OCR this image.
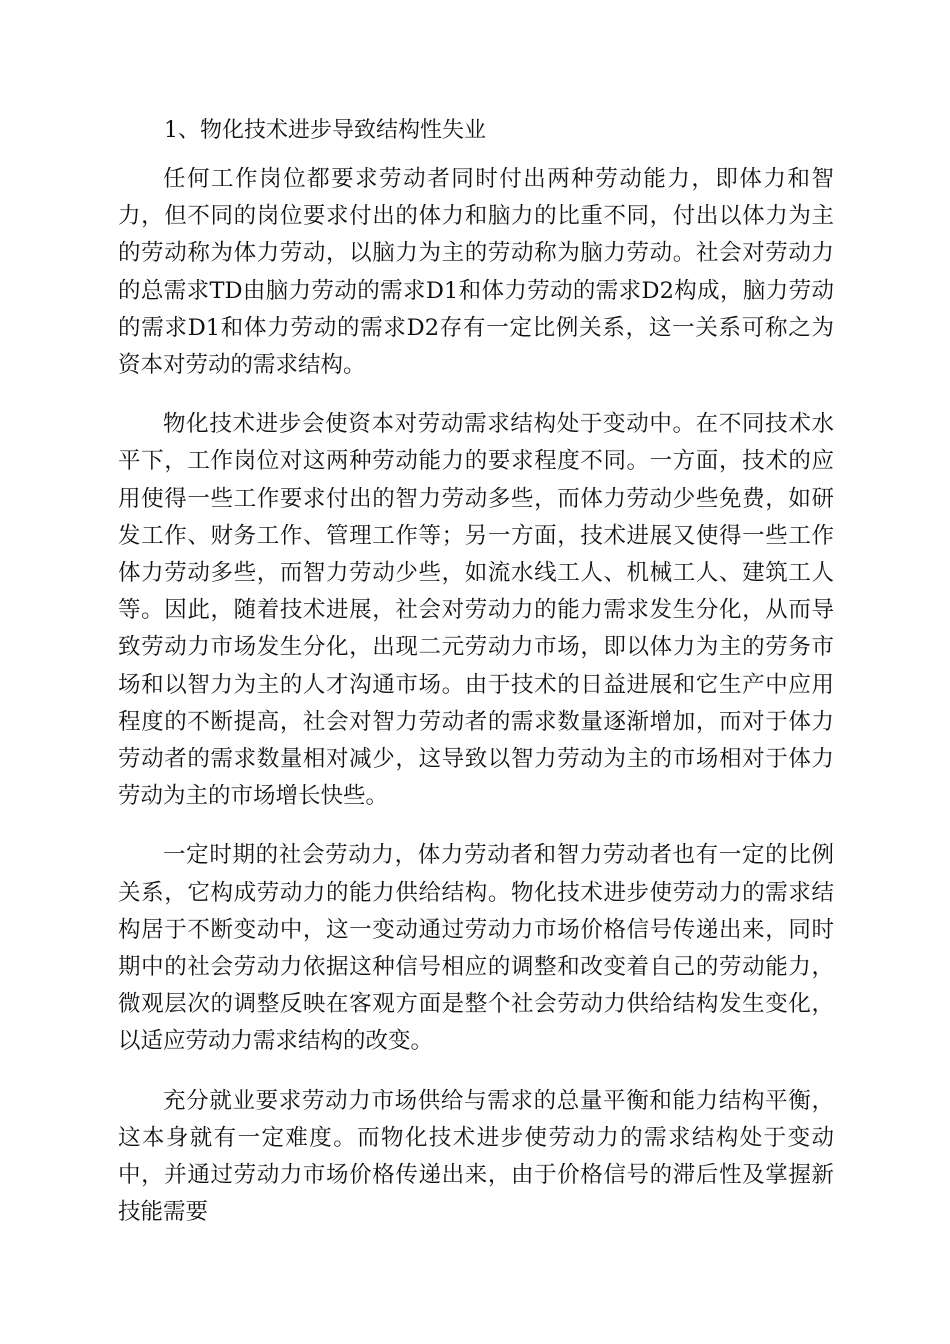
1、物化技术进步导致结构性失业

任何工作岗位都要求劳动者同时付出两种劳动能力，即体力和智力，但不同的岗位要求付出的体力和脑力的比重不同，付出以体力为主的劳动称为体力劳动，以脑力为主的劳动称为脑力劳动。社会对劳动力的总需求TD由脑力劳动的需求D1和体力劳动的需求D2构成，脑力劳动的需求D1和体力劳动的需求D2存有一定比例关系，这一关系可称之为资本对劳动的需求结构。

物化技术进步会使资本对劳动需求结构处于变动中。在不同技术水平下，工作岗位对这两种劳动能力的要求程度不同。一方面，技术的应用使得一些工作要求付出的智力劳动多些，而体力劳动少些免费，如研发工作、财务工作、管理工作等；另一方面，技术进展又使得一些工作体力劳动多些，而智力劳动少些，如流水线工人、机械工人、建筑工人等。因此，随着技术进展，社会对劳动力的能力需求发生分化，从而导致劳动力市场发生分化，出现二元劳动力市场，即以体力为主的劳务市场和以智力为主的人才沟通市场。由于技术的日益进展和它生产中应用程度的不断提高，社会对智力劳动者的需求数量逐渐增加，而对于体力劳动者的需求数量相对减少，这导致以智力劳动为主的市场相对于体力劳动为主的市场增长快些。

一定时期的社会劳动力，体力劳动者和智力劳动者也有一定的比例关系，它构成劳动力的能力供给结构。物化技术进步使劳动力的需求结构居于不断变动中，这一变动通过劳动力市场价格信号传递出来，同时期中的社会劳动力依据这种信号相应的调整和改变着自己的劳动能力，微观层次的调整反映在客观方面是整个社会劳动力供给结构发生变化，以适应劳动力需求结构的改变。

充分就业要求劳动力市场供给与需求的总量平衡和能力结构平衡，这本身就有一定难度。而物化技术进步使劳动力的需求结构处于变动中，并通过劳动力市场价格传递出来，由于价格信号的滞后性及掌握新技能需要
